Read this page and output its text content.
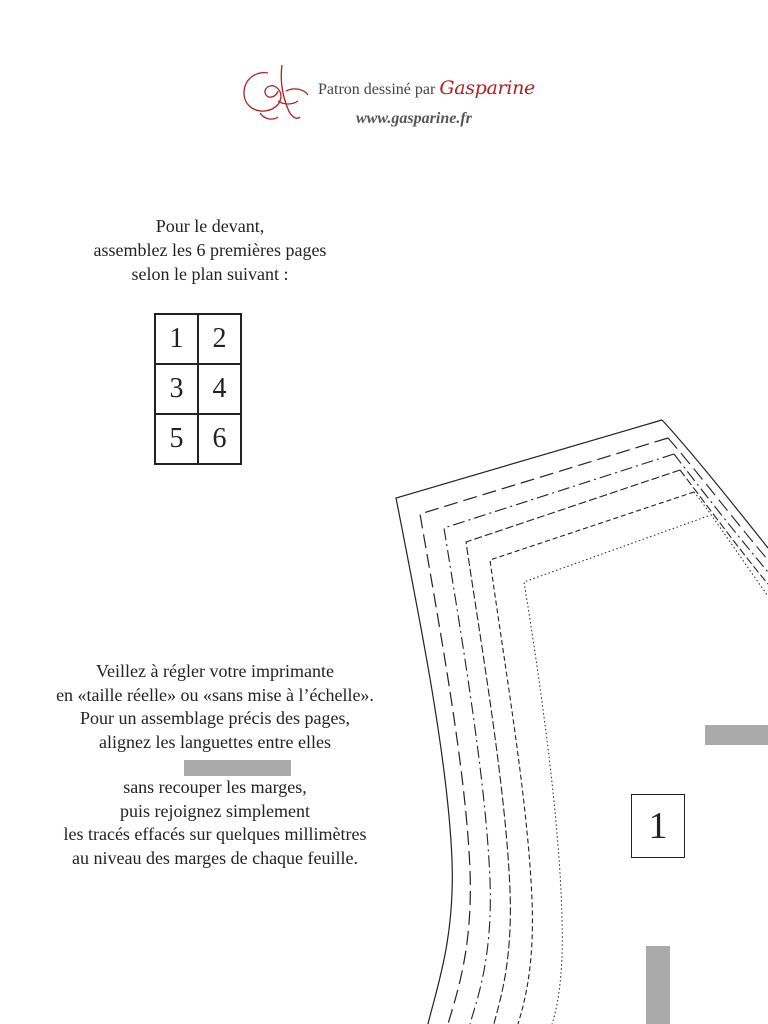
Patron dessiné par Gasparine
www.gasparine.fr
Pour le devant,
assemblez les 6 premières pages
selon le plan suivant :
1	2
3	4
5	6
Veillez à régler votre imprimante
en «taille réelle» ou «sans mise à l’échelle».
Pour un assemblage précis des pages,
alignez les languettes entre elles
sans recouper les marges,
puis rejoignez simplement
les tracés effacés sur quelques millimètres
au niveau des marges de chaque feuille.
1
